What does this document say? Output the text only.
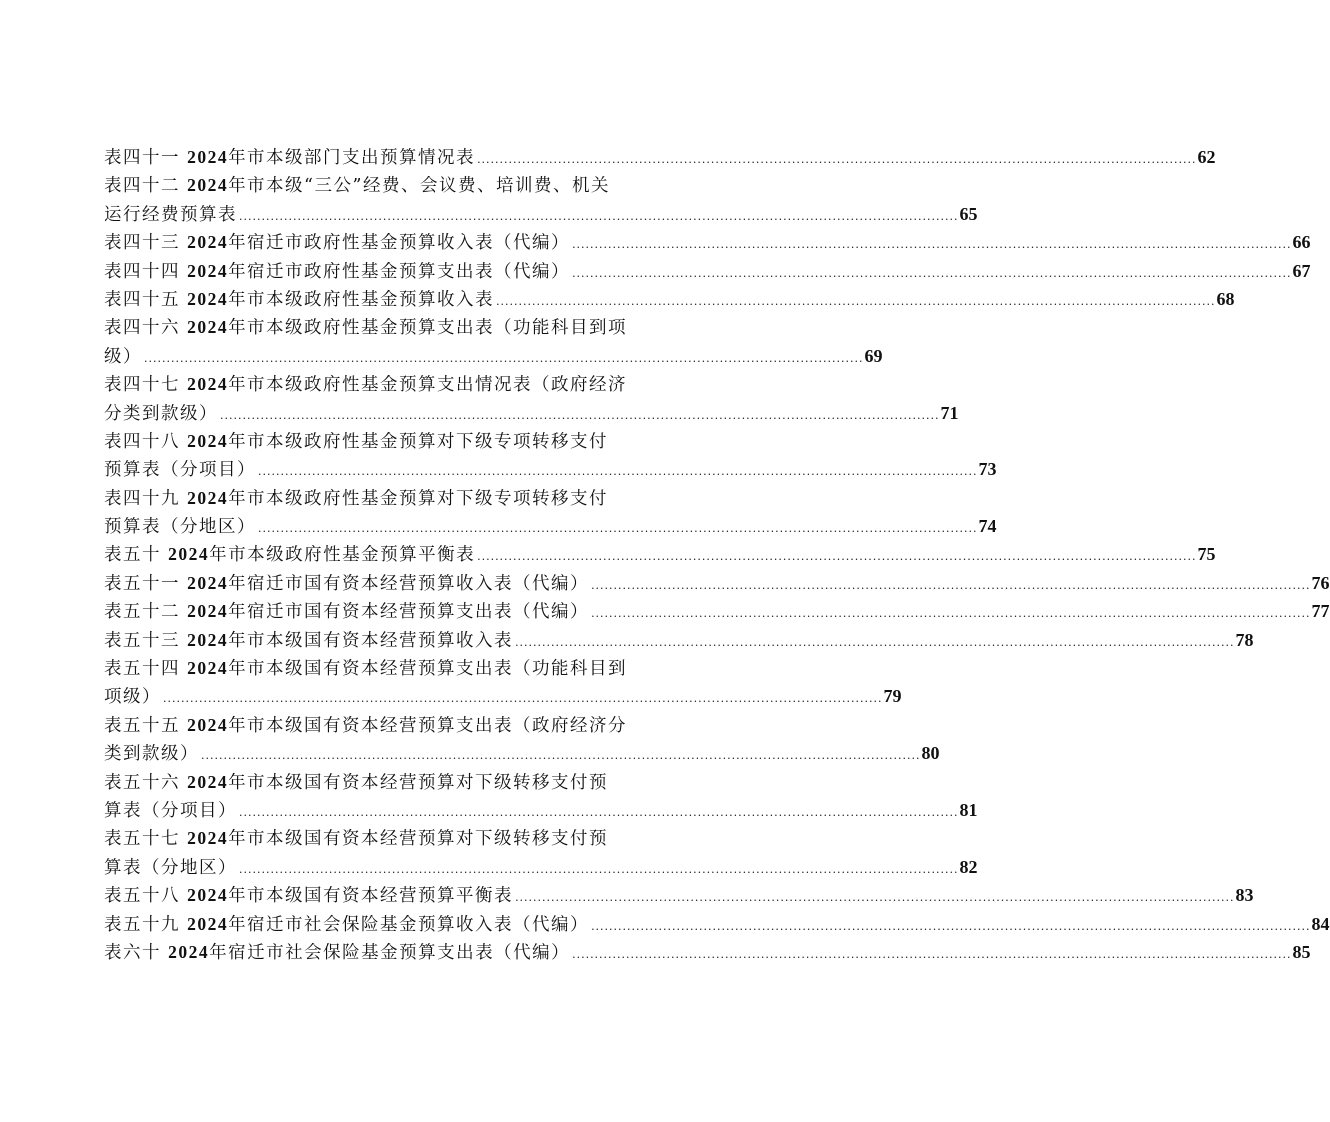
表四十一 2024年市本级部门支出预算情况表 ................................................................................................................................................................ 62
表四十二 2024年市本级“三公”经费、会议费、培训费、机关
运行经费预算表 ................................................................................................................................................................ 65
表四十三 2024年宿迁市政府性基金预算收入表（代编） ................................................................................................................................................................ 66
表四十四 2024年宿迁市政府性基金预算支出表（代编） ................................................................................................................................................................ 67
表四十五 2024年市本级政府性基金预算收入表 ................................................................................................................................................................ 68
表四十六 2024年市本级政府性基金预算支出表（功能科目到项
级） ................................................................................................................................................................ 69
表四十七 2024年市本级政府性基金预算支出情况表（政府经济
分类到款级） ................................................................................................................................................................ 71
表四十八 2024年市本级政府性基金预算对下级专项转移支付
预算表（分项目） ................................................................................................................................................................ 73
表四十九 2024年市本级政府性基金预算对下级专项转移支付
预算表（分地区） ................................................................................................................................................................ 74
表五十 2024年市本级政府性基金预算平衡表 ................................................................................................................................................................ 75
表五十一 2024年宿迁市国有资本经营预算收入表（代编） ................................................................................................................................................................ 76
表五十二 2024年宿迁市国有资本经营预算支出表（代编） ................................................................................................................................................................ 77
表五十三 2024年市本级国有资本经营预算收入表 ................................................................................................................................................................ 78
表五十四 2024年市本级国有资本经营预算支出表（功能科目到
项级） ................................................................................................................................................................ 79
表五十五 2024年市本级国有资本经营预算支出表（政府经济分
类到款级） ................................................................................................................................................................ 80
表五十六 2024年市本级国有资本经营预算对下级转移支付预
算表（分项目） ................................................................................................................................................................ 81
表五十七 2024年市本级国有资本经营预算对下级转移支付预
算表（分地区） ................................................................................................................................................................ 82
表五十八 2024年市本级国有资本经营预算平衡表 ................................................................................................................................................................ 83
表五十九 2024年宿迁市社会保险基金预算收入表（代编） ................................................................................................................................................................ 84
表六十 2024年宿迁市社会保险基金预算支出表（代编） ................................................................................................................................................................ 85
